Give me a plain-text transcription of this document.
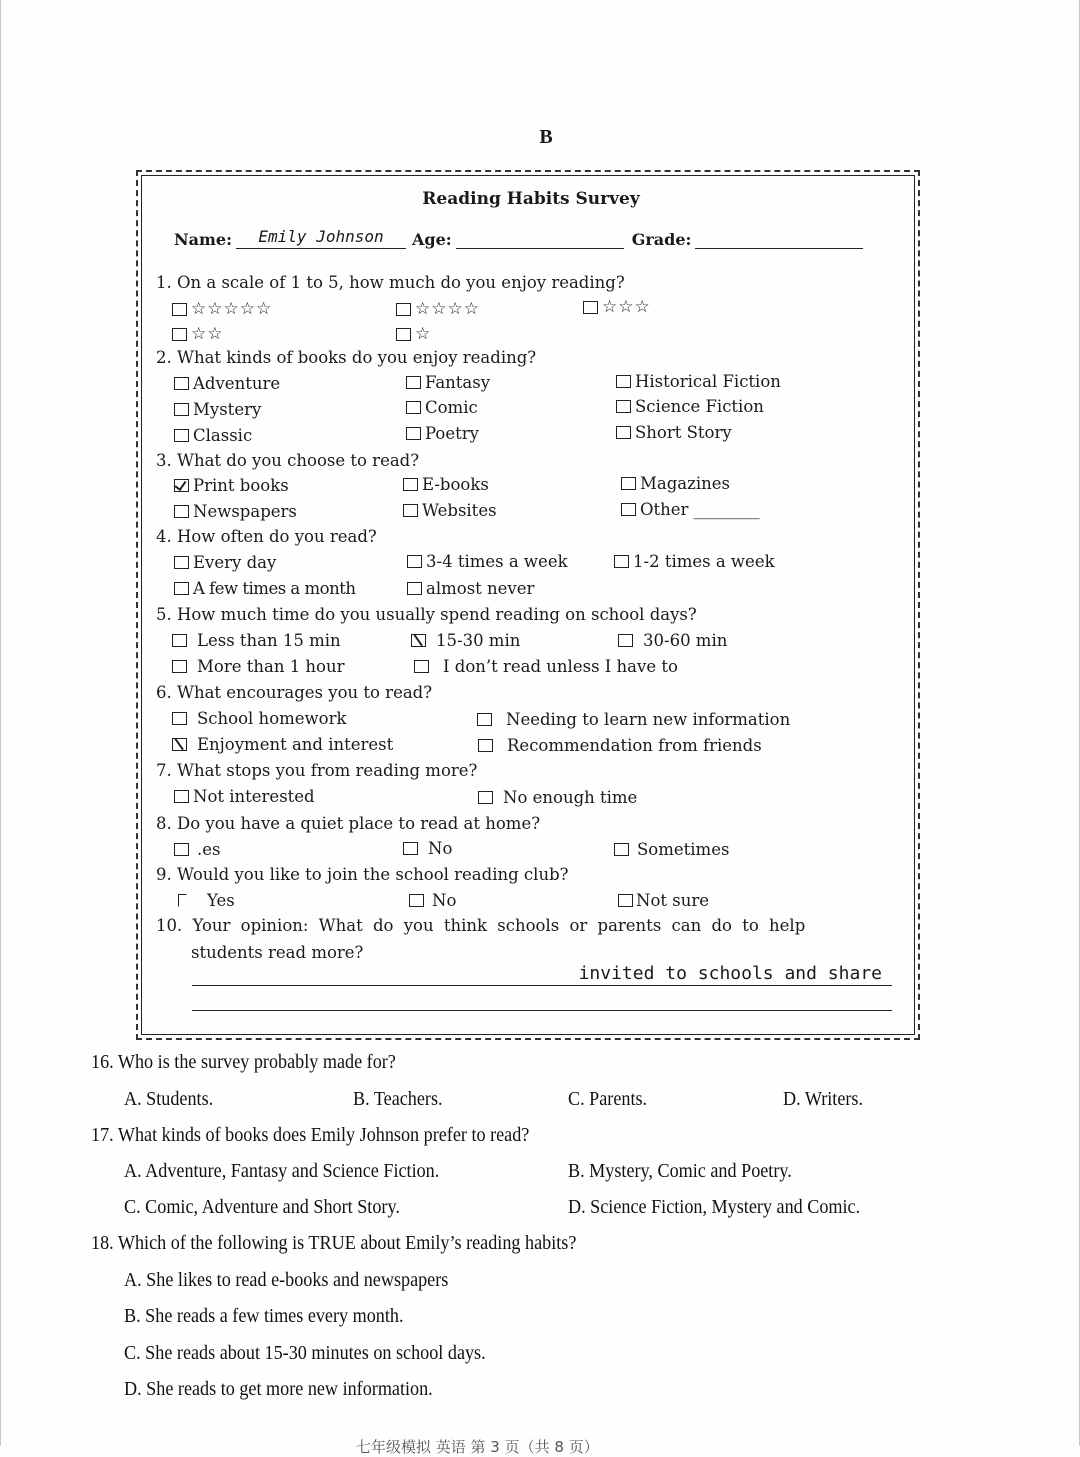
B
Reading Habits Survey
Name:	Emily Johnson	Age:	Grade:
1. On a scale of 1 to 5, how much do you enjoy reading?
☆☆☆☆☆	☆☆☆☆	☆☆☆
☆☆	☆
2. What kinds of books do you enjoy reading?
Adventure	Fantasy	Historical Fiction
Mystery	Comic	Science Fiction
Classic	Poetry	Short Story
3. What do you choose to read?
Print books	E-books	Magazines
Newspapers	Websites	Other ________
4. How often do you read?
Every day	3-4 times a week	1-2 times a week
A few times a month	almost never
5. How much time do you usually spend reading on school days?
Less than 15 min	15-30 min	30-60 min
More than 1 hour	I don’t read unless I have to
6. What encourages you to read?
School homework	Needing to learn new information
Enjoyment and interest	Recommendation from friends
7. What stops you from reading more?
Not interested	No enough time
8. Do you have a quiet place to read at home?
.es	No	Sometimes
9. Would you like to join the school reading club?
Yes	No	Not sure
10. Your opinion: What do you think schools or parents can do to help
students read more?
invited to schools and share
16. Who is the survey probably made for?
A. Students.	B. Teachers.	C. Parents.	D. Writers.
17. What kinds of books does Emily Johnson prefer to read?
A. Adventure, Fantasy and Science Fiction.	B. Mystery, Comic and Poetry.
C. Comic, Adventure and Short Story.	D. Science Fiction, Mystery and Comic.
18. Which of the following is TRUE about Emily’s reading habits?
A. She likes to read e-books and newspapers
B. She reads a few times every month.
C. She reads about 15-30 minutes on school days.
D. She reads to get more new information.
七年级模拟 英语 第 3 页（共 8 页）
